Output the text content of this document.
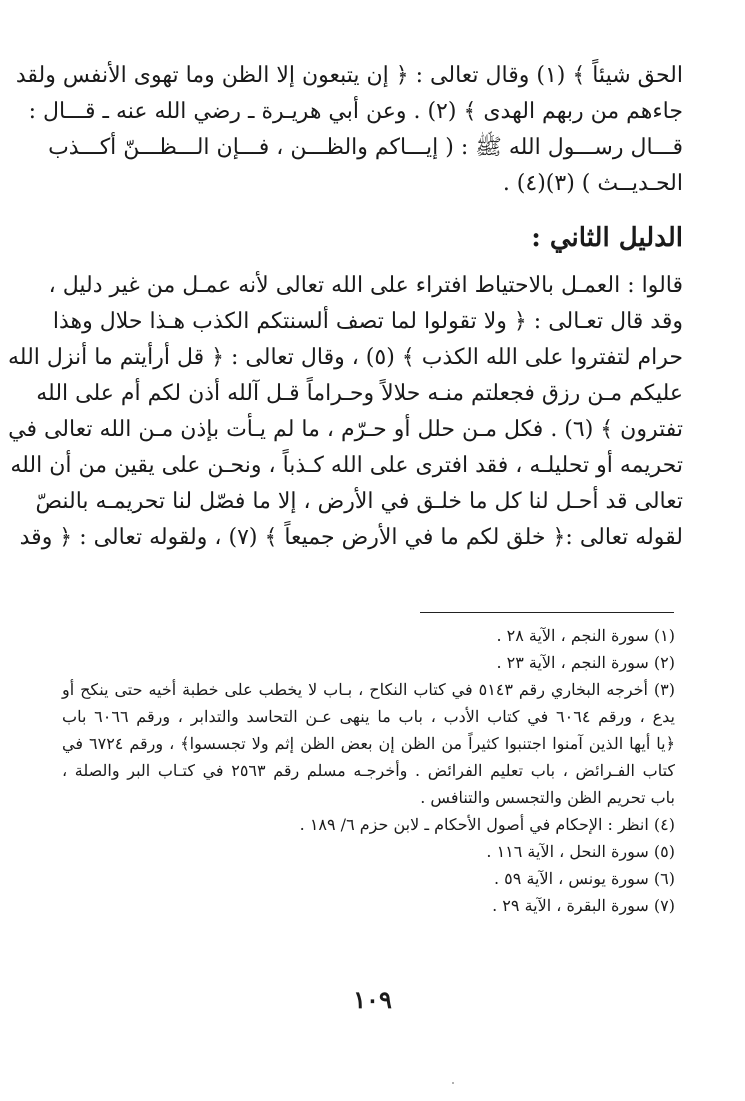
الحق شيئاً ﴾ (١) وقال تعالى : ﴿ إن يتبعون إلا الظن وما تهوى الأنفس ولقد
جاءهم من ربهم الهدى ﴾ (٢) . وعن أبي هريـرة ـ رضي الله عنه ـ قـــال :
قـــال رســـول الله ﷺ : ( إيـــاكم والظـــن ، فـــإن الـــظـــنّ أكـــذب
الحـديــث ) (٣)(٤) .
الدليل الثاني :
قالوا : العمـل بالاحتياط افتراء على الله تعالى لأنه عمـل من غير دليل ،
وقد قال تعـالى : ﴿ ولا تقولوا لما تصف ألسنتكم الكذب هـذا حلال وهذا
حرام لتفتروا على الله الكذب ﴾ (٥) ، وقال تعالى : ﴿ قل أرأيتم ما أنزل الله
عليكم مـن رزق فجعلتم منـه حلالاً وحـراماً قـل آلله أذن لكم أم على الله
تفترون ﴾ (٦) . فكل مـن حلل أو حـرّم ، ما لم يـأت بإذن مـن الله تعالى في
تحريمه أو تحليلـه ، فقد افترى على الله كـذباً ، ونحـن على يقين من أن الله
تعالى قد أحـل لنا كل ما خلـق في الأرض ، إلا ما فصّل لنا تحريمـه بالنصّ
لقوله تعالى :﴿ خلق لكم ما في الأرض جميعاً ﴾ (٧) ، ولقوله تعالى : ﴿ وقد
(١) سورة النجم ، الآية ٢٨ .
(٢) سورة النجم ، الآية ٢٣ .
(٣) أخرجه البخاري رقم ٥١٤٣ في كتاب النكاح ، بـاب لا يخطب على خطبة أخيه حتى ينكح أو
يدع ، ورقم ٦٠٦٤ في كتاب الأدب ، باب ما ينهى عـن التحاسد والتدابر ، ورقم ٦٠٦٦ باب
﴿يا أيها الذين آمنوا اجتنبوا كثيراً من الظن إن بعض الظن إثم ولا تجسسوا﴾ ، ورقم ٦٧٢٤ في
كتاب الفـرائض ، باب تعليم الفرائض . وأخرجـه مسلم رقم ٢٥٦٣ في كتـاب البر والصلة ،
باب تحريم الظن والتجسس والتنافس .
(٤) انظر : الإحكام في أصول الأحكام ـ لابن حزم ٦/ ١٨٩ .
(٥) سورة النحل ، الآية ١١٦ .
(٦) سورة يونس ، الآية ٥٩ .
(٧) سورة البقرة ، الآية ٢٩ .
١٠٩
